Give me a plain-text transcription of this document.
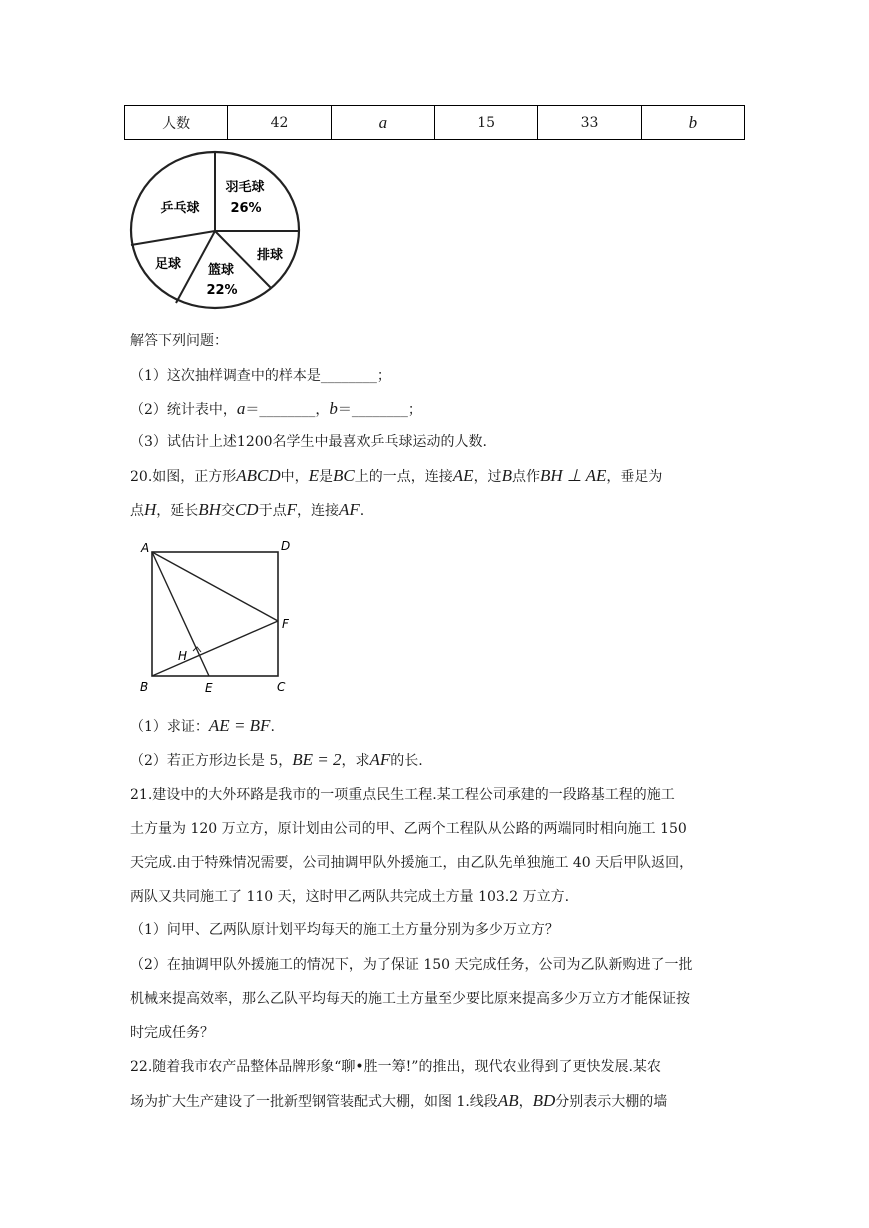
人数	42	a	15	33	b
羽毛球
26%
乒乓球
足球 篮球
22%
排球
解答下列问题：
（1）这次抽样调查中的样本是________；
（2）统计表中，a＝________，b＝________；
（3）试估计上述1200名学生中最喜欢乒乓球运动的人数.
20.如图，正方形ABCD中，E是BC上的一点，连接AE，过B点作BH ⊥ AE，垂足为
点H，延长BH交CD于点F，连接AF.
A	D
F
H
B	E	C
（1）求证：AE = BF.
（2）若正方形边长是 5，BE = 2，求AF的长.
21.建设中的大外环路是我市的一项重点民生工程.某工程公司承建的一段路基工程的施工
土方量为 120 万立方，原计划由公司的甲、乙两个工程队从公路的两端同时相向施工 150
天完成.由于特殊情况需要，公司抽调甲队外援施工，由乙队先单独施工 40 天后甲队返回，
两队又共同施工了 110 天，这时甲乙两队共完成土方量 103.2 万立方.
（1）问甲、乙两队原计划平均每天的施工土方量分别为多少万立方？
（2）在抽调甲队外援施工的情况下，为了保证 150 天完成任务，公司为乙队新购进了一批
机械来提高效率，那么乙队平均每天的施工土方量至少要比原来提高多少万立方才能保证按
时完成任务？
22.随着我市农产品整体品牌形象“聊•胜一筹!”的推出，现代农业得到了更快发展.某农
场为扩大生产建设了一批新型钢管装配式大棚，如图 1.线段AB，BD分别表示大棚的墙
